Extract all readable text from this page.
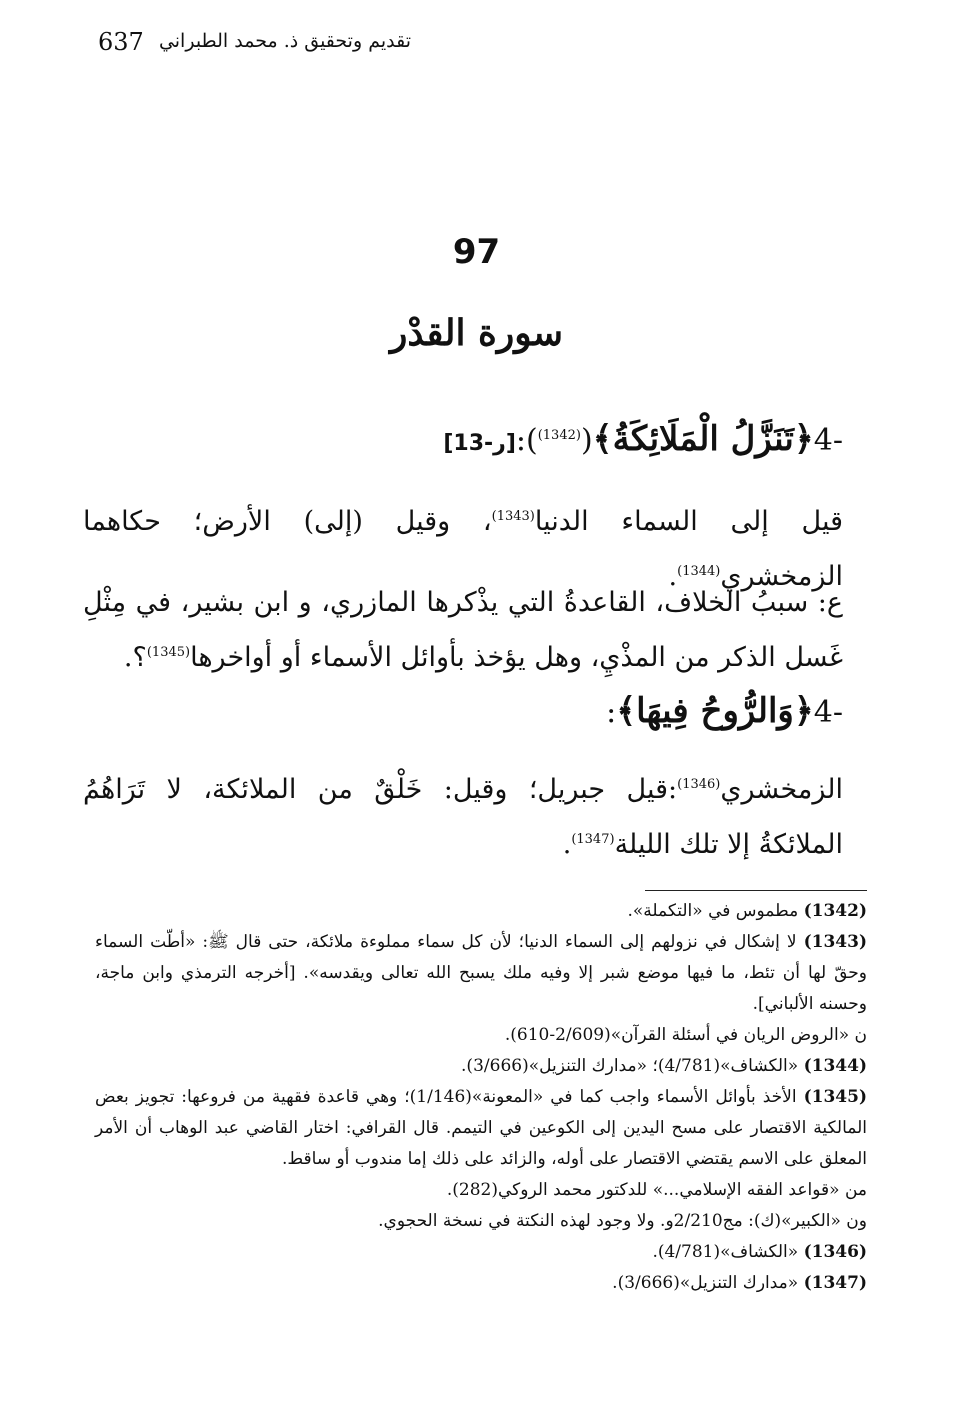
637 تقديم وتحقيق ذ. محمد الطبراني
97
سورة القدْر
4-﴿تَنَزَّلُ الْمَلَائِكَةُ﴾($^{(1342)}$):[ر-13]
قيل إلى السماء الدنيا$^{(1343)}$، وقيل (إلى) الأرض؛ حكاهما الزمخشري$^{(1344)}$.
ع: سببُ الخلاف، القاعدةُ التي يذْكرها المازري، و ابن بشير، في مِثْلِ غَسل الذكر من المذْيِ، وهل يؤخذ بأوائل الأسماء أو أواخرها$^{(1345)}$؟.
4-﴿وَالرُّوحُ فِيهَا﴾:
الزمخشري$^{(1346)}$:قيل جبريل؛ وقيل: خَلْقٌ من الملائكة، لا تَرَاهُمُ الملائكةُ إلا تلك الليلة$^{(1347)}$.

(1342) مطموس في «التكملة».

(1343) لا إشكال في نزولهم إلى السماء الدنيا؛ لأن كل سماء مملوءة ملائكة، حتى قال ﷺ: «أطّت السماء وحقّ لها أن تئط، ما فيها موضع شبر إلا وفيه ملك يسبح الله تعالى ويقدسه». [أخرجه الترمذي وابن ماجة، وحسنه الألباني].

ن «الروض الريان في أسئلة القرآن»(2/609-610).

(1344) «الكشاف»(4/781)؛ «مدارك التنزيل»(3/666).

(1345) الأخذ بأوائل الأسماء واجب كما في «المعونة»(1/146)؛ وهي قاعدة فقهية من فروعها: تجويز بعض المالكية الاقتصار على مسح اليدين إلى الكوعين في التيمم. قال القرافي: اختار القاضي عبد الوهاب أن الأمر المعلق على الاسم يقتضي الاقتصار على أوله، والزائد على ذلك إما مندوب أو ساقط.

من «قواعد الفقه الإسلامي...» للدكتور محمد الروكي(282).

ون «الكبير»(ك): مج2/210و. ولا وجود لهذه النكتة في نسخة الحجوي.

(1346) «الكشاف»(4/781).

(1347) «مدارك التنزيل»(3/666).
